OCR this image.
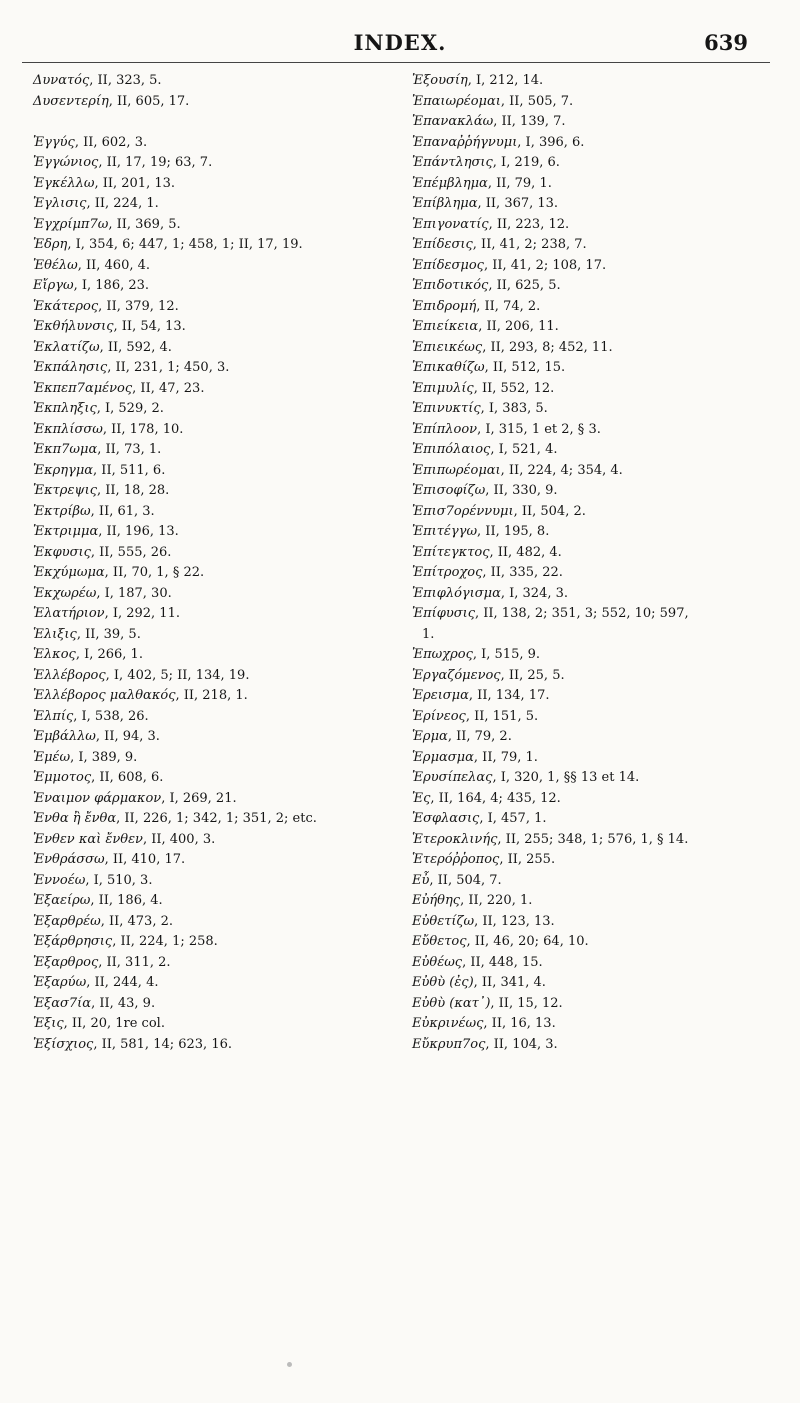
INDEX.	639
Δυνατός, II, 323, 5.
Δυσεντερίη, II, 605, 17.
Ἐγγύς, II, 602, 3.
Ἐγγώνιος, II, 17, 19; 63, 7.
Ἐγκέλλω, II, 201, 13.
Ἐγλισις, II, 224, 1.
Ἐγχρίμπ7ω, II, 369, 5.
Ἐδρη, I, 354, 6; 447, 1; 458, 1; II, 17, 19.
Ἐθέλω, II, 460, 4.
Εἴργω, I, 186, 23.
Ἑκάτερος, II, 379, 12.
Ἐκθήλυνσις, II, 54, 13.
Ἐκλατίζω, II, 592, 4.
Ἐκπάλησις, II, 231, 1; 450, 3.
Ἐκπεπ7αμένος, II, 47, 23.
Ἐκπληξις, I, 529, 2.
Ἐκπλίσσω, II, 178, 10.
Ἐκπ7ωμα, II, 73, 1.
Ἐκρηγμα, II, 511, 6.
Ἐκτρεψις, II, 18, 28.
Ἐκτρίβω, II, 61, 3.
Ἐκτριμμα, II, 196, 13.
Ἐκφυσις, II, 555, 26.
Ἐκχύμωμα, II, 70, 1, § 22.
Ἐκχωρέω, I, 187, 30.
Ἐλατήριον, I, 292, 11.
Ἑλιξις, II, 39, 5.
Ἑλκος, I, 266, 1.
Ἐλλέβορος, I, 402, 5; II, 134, 19.
Ἐλλέβορος μαλθακός, II, 218, 1.
Ἐλπίς, I, 538, 26.
Ἐμβάλλω, II, 94, 3.
Ἐμέω, I, 389, 9.
Ἐμμοτος, II, 608, 6.
Ἐναιμον φάρμακον, I, 269, 21.
Ἐνθα ἢ ἔνθα, II, 226, 1; 342, 1; 351, 2; etc.
Ἐνθεν καὶ ἔνθεν, II, 400, 3.
Ἐνθράσσω, II, 410, 17.
Ἐννοέω, I, 510, 3.
Ἐξαείρω, II, 186, 4.
Ἐξαρθρέω, II, 473, 2.
Ἐξάρθρησις, II, 224, 1; 258.
Ἐξαρθρος, II, 311, 2.
Ἐξαρύω, II, 244, 4.
Ἐξασ7ία, II, 43, 9.
Ἐξις, II, 20, 1re col.
Ἐξίσχιος, II, 581, 14; 623, 16.
Ἐξουσίη, I, 212, 14.
Ἐπαιωρέομαι, II, 505, 7.
Ἐπανακλάω, II, 139, 7.
Ἐπαναῤῥήγνυμι, I, 396, 6.
Ἐπάντλησις, I, 219, 6.
Ἐπέμβλημα, II, 79, 1.
Ἐπίβλημα, II, 367, 13.
Ἐπιγονατίς, II, 223, 12.
Ἐπίδεσις, II, 41, 2; 238, 7.
Ἐπίδεσμος, II, 41, 2; 108, 17.
Ἐπιδοτικός, II, 625, 5.
Ἐπιδρομή, II, 74, 2.
Ἐπιείκεια, II, 206, 11.
Ἐπιεικέως, II, 293, 8; 452, 11.
Ἐπικαθίζω, II, 512, 15.
Ἐπιμυλίς, II, 552, 12.
Ἐπινυκτίς, I, 383, 5.
Ἐπίπλοον, I, 315, 1 et 2, § 3.
Ἐπιπόλαιος, I, 521, 4.
Ἐπιπωρέομαι, II, 224, 4; 354, 4.
Ἐπισοφίζω, II, 330, 9.
Ἐπισ7ορέννυμι, II, 504, 2.
Ἐπιτέγγω, II, 195, 8.
Ἐπίτεγκτος, II, 482, 4.
Ἐπίτροχος, II, 335, 22.
Ἐπιφλόγισμα, I, 324, 3.
Ἐπίφυσις, II, 138, 2; 351, 3; 552, 10; 597,
1.
Ἐπωχρος, I, 515, 9.
Ἐργαζόμενος, II, 25, 5.
Ἐρεισμα, II, 134, 17.
Ἐρίνεος, II, 151, 5.
Ἑρμα, II, 79, 2.
Ἑρμασμα, II, 79, 1.
Ἐρυσίπελας, I, 320, 1, §§ 13 et 14.
Ἐς, II, 164, 4; 435, 12.
Ἐσφλασις, I, 457, 1.
Ἑτεροκλινής, II, 255; 348, 1; 576, 1, § 14.
Ἑτερόῤῥοπος, II, 255.
Εὖ, II, 504, 7.
Εὐήθης, II, 220, 1.
Εὐθετίζω, II, 123, 13.
Εὔθετος, II, 46, 20; 64, 10.
Εὐθέως, II, 448, 15.
Εὐθὺ (ἐς), II, 341, 4.
Εὐθὺ (κατ᾽), II, 15, 12.
Εὐκρινέως, II, 16, 13.
Εὔκρυπ7ος, II, 104, 3.
